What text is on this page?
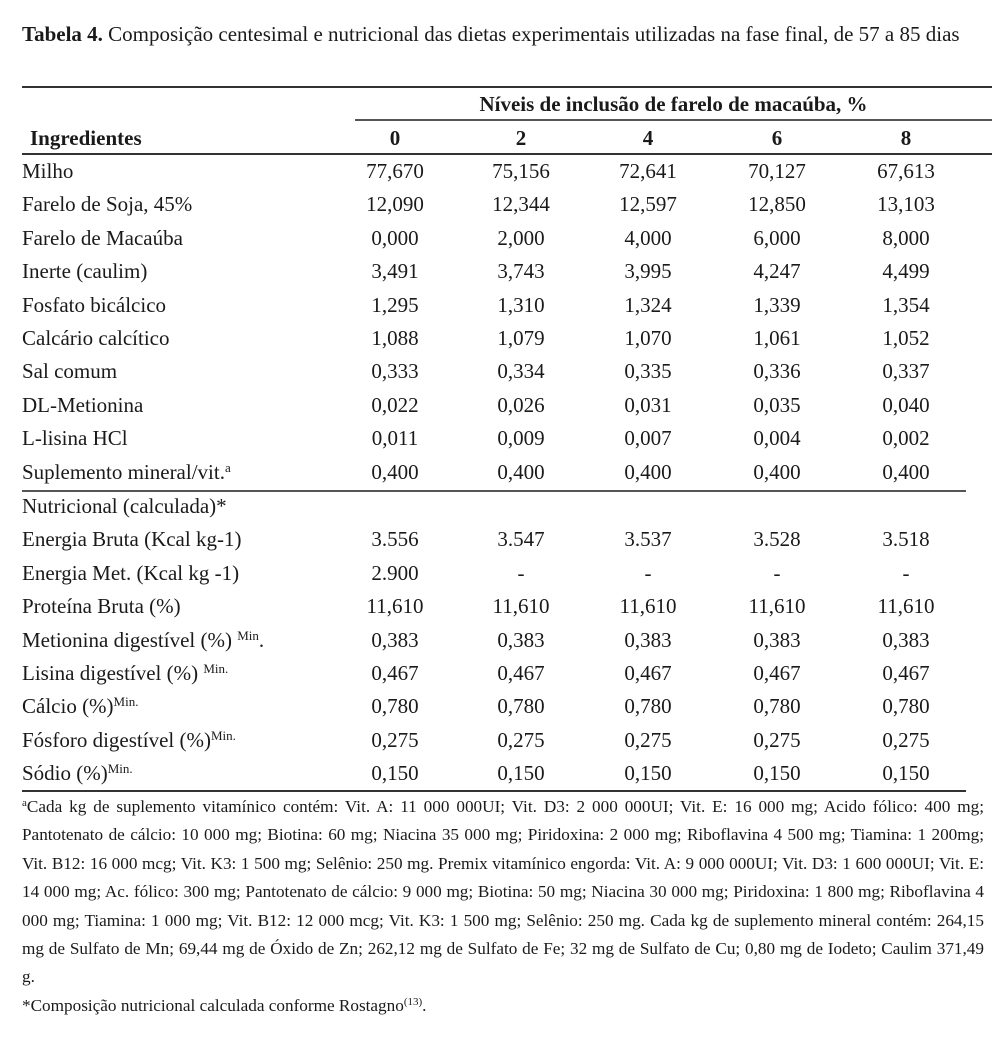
Tabela 4. Composição centesimal e nutricional das dietas experimentais utilizadas na fase final, de 57 a 85 dias
Níveis de inclusão de farelo de macaúba, %
Ingredientes	0	2	4	6	8
Milho	77,670	75,156	72,641	70,127	67,613
Farelo de Soja, 45%	12,090	12,344	12,597	12,850	13,103
Farelo de Macaúba	0,000	2,000	4,000	6,000	8,000
Inerte (caulim)	3,491	3,743	3,995	4,247	4,499
Fosfato bicálcico	1,295	1,310	1,324	1,339	1,354
Calcário calcítico	1,088	1,079	1,070	1,061	1,052
Sal comum	0,333	0,334	0,335	0,336	0,337
DL-Metionina	0,022	0,026	0,031	0,035	0,040
L-lisina HCl	0,011	0,009	0,007	0,004	0,002
Suplemento mineral/vit.$^a$	0,400	0,400	0,400	0,400	0,400
Nutricional (calculada)*
Energia Bruta (Kcal kg-1)	3.556	3.547	3.537	3.528	3.518
Energia Met. (Kcal kg -1)	2.900	-	-	-	-
Proteína Bruta (%)	11,610	11,610	11,610	11,610	11,610
Metionina digestível (%) $^{Min}$.	0,383	0,383	0,383	0,383	0,383
Lisina digestível (%) $^{Min.}$	0,467	0,467	0,467	0,467	0,467
Cálcio (%)$^{Min.}$	0,780	0,780	0,780	0,780	0,780
Fósforo digestível (%)$^{Min.}$	0,275	0,275	0,275	0,275	0,275
Sódio (%)$^{Min.}$	0,150	0,150	0,150	0,150	0,150

$^a$Cada kg de suplemento vitamínico contém: Vit. A: 11 000 000UI; Vit. D3: 2 000 000UI; Vit. E: 16 000 mg; Acido fólico: 400 mg; Pantotenato de cálcio: 10 000 mg; Biotina: 60 mg; Niacina 35 000 mg; Piridoxina: 2 000 mg; Riboflavina 4 500 mg; Tiamina: 1 200mg; Vit. B12: 16 000 mcg; Vit. K3: 1 500 mg; Selênio: 250 mg. Premix vitamínico engorda: Vit. A: 9 000 000UI; Vit. D3: 1 600 000UI; Vit. E: 14 000 mg; Ac. fólico: 300 mg; Pantotenato de cálcio: 9 000 mg; Biotina: 50 mg; Niacina 30 000 mg; Piridoxina: 1 800 mg; Riboflavina 4 000 mg; Tiamina: 1 000 mg; Vit. B12: 12 000 mcg; Vit. K3: 1 500 mg; Selênio: 250 mg. Cada kg de suplemento mineral contém: 264,15 mg de Sulfato de Mn; 69,44 mg de Óxido de Zn; 262,12 mg de Sulfato de Fe; 32 mg de Sulfato de Cu; 0,80 mg de Iodeto; Caulim 371,49 g.

*Composição nutricional calculada conforme Rostagno$^{(13)}$.
